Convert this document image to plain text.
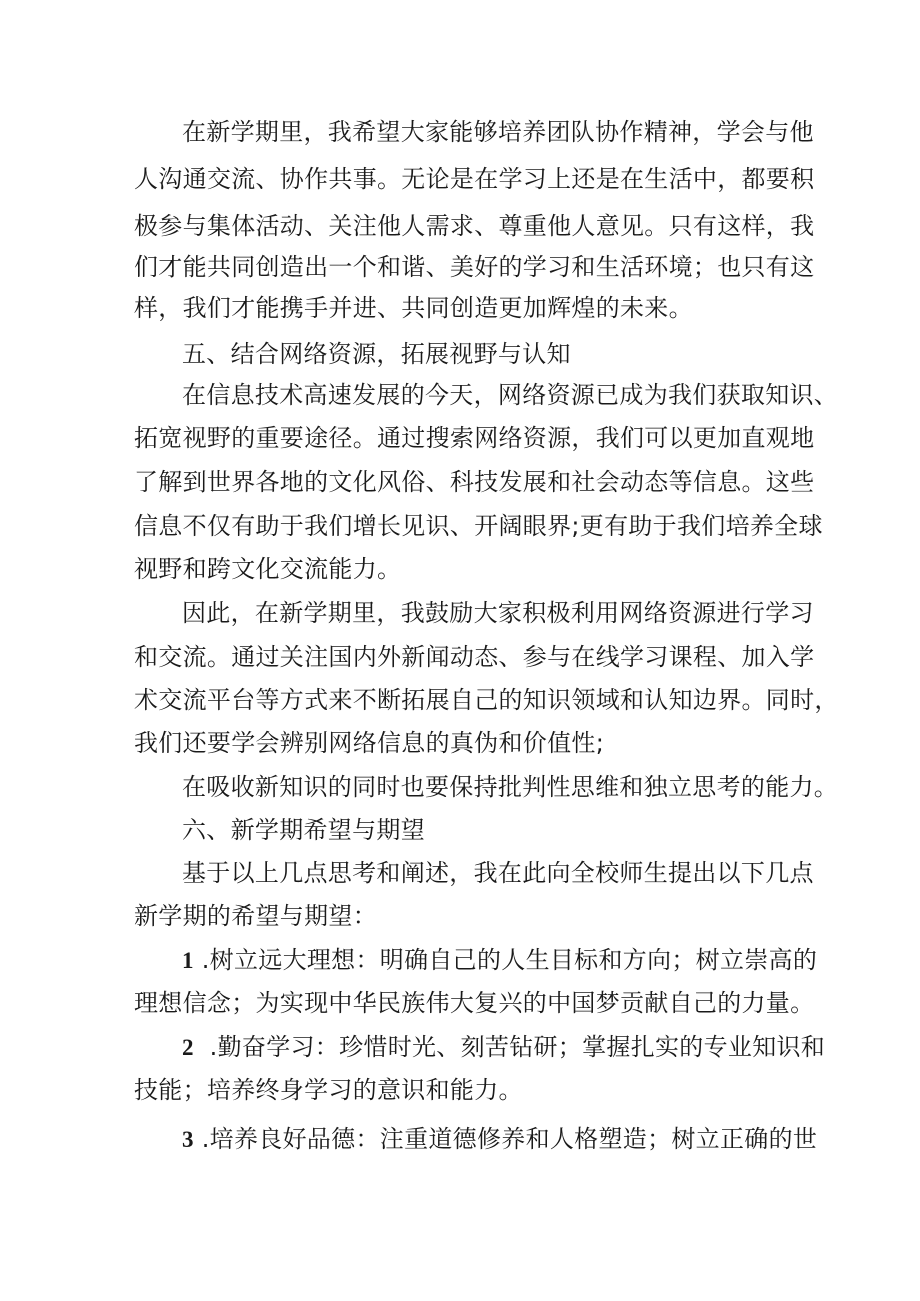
在新学期里，我希望大家能够培养团队协作精神，学会与他

人沟通交流、协作共事。无论是在学习上还是在生活中，都要积

极参与集体活动、关注他人需求、尊重他人意见。只有这样，我

们才能共同创造出一个和谐、美好的学习和生活环境；也只有这

样，我们才能携手并进、共同创造更加辉煌的未来。

五、结合网络资源，拓展视野与认知

在信息技术高速发展的今天，网络资源已成为我们获取知识、

拓宽视野的重要途径。通过搜索网络资源，我们可以更加直观地

了解到世界各地的文化风俗、科技发展和社会动态等信息。这些

信息不仅有助于我们增长见识、开阔眼界;更有助于我们培养全球

视野和跨文化交流能力。

因此，在新学期里，我鼓励大家积极利用网络资源进行学习

和交流。通过关注国内外新闻动态、参与在线学习课程、加入学

术交流平台等方式来不断拓展自己的知识领域和认知边界。同时，

我们还要学会辨别网络信息的真伪和价值性;

在吸收新知识的同时也要保持批判性思维和独立思考的能力。

六、新学期希望与期望

基于以上几点思考和阐述，我在此向全校师生提出以下几点

新学期的希望与期望：

1 .树立远大理想：明确自己的人生目标和方向；树立崇高的

理想信念；为实现中华民族伟大复兴的中国梦贡献自己的力量。

2 .勤奋学习：珍惜时光、刻苦钻研；掌握扎实的专业知识和

技能；培养终身学习的意识和能力。

3 .培养良好品德：注重道德修养和人格塑造；树立正确的世
